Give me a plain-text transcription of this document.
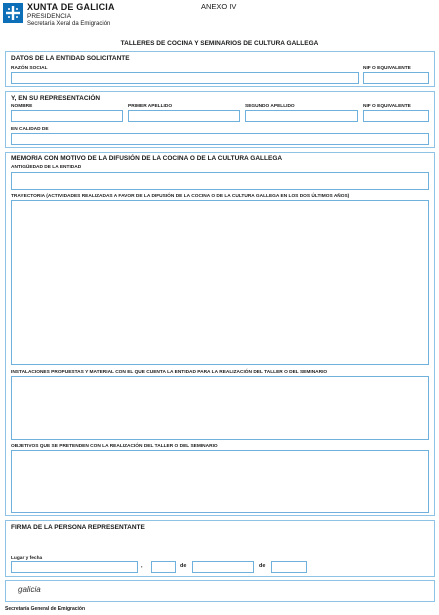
XUNTA DE GALICIA
PRESIDENCIA
Secretaría Xeral da Emigración
ANEXO IV
TALLERES DE COCINA Y SEMINARIOS DE CULTURA GALLEGA
DATOS DE LA ENTIDAD SOLICITANTE
RAZÓN SOCIAL	NIF O EQUIVALENTE
Y, EN SU REPRESENTACIÓN
NOMBRE	PRIMER APELLIDO	SEGUNDO APELLIDO	NIF O EQUIVALENTE
EN CALIDAD DE
MEMORIA CON MOTIVO DE LA DIFUSIÓN DE LA COCINA O DE LA CULTURA GALLEGA
ANTIGÜEDAD DE LA ENTIDAD
TRAYECTORIA (ACTIVIDADES REALIZADAS A FAVOR DE LA DIFUSIÓN DE LA COCINA O DE LA CULTURA GALLEGA EN LOS DOS ÚLTIMOS AÑOS)
INSTALACIONES PROPUESTAS Y MATERIAL CON EL QUE CUENTA LA ENTIDAD PARA LA REALIZACIÓN DEL TALLER O DEL SEMINARIO
OBJETIVOS QUE SE PRETENDEN CON LA REALIZACIÓN DEL TALLER O DEL SEMINARIO
FIRMA DE LA PERSONA REPRESENTANTE
Lugar y fecha
,	de	de
galicia
Secretaría General de Emigración
